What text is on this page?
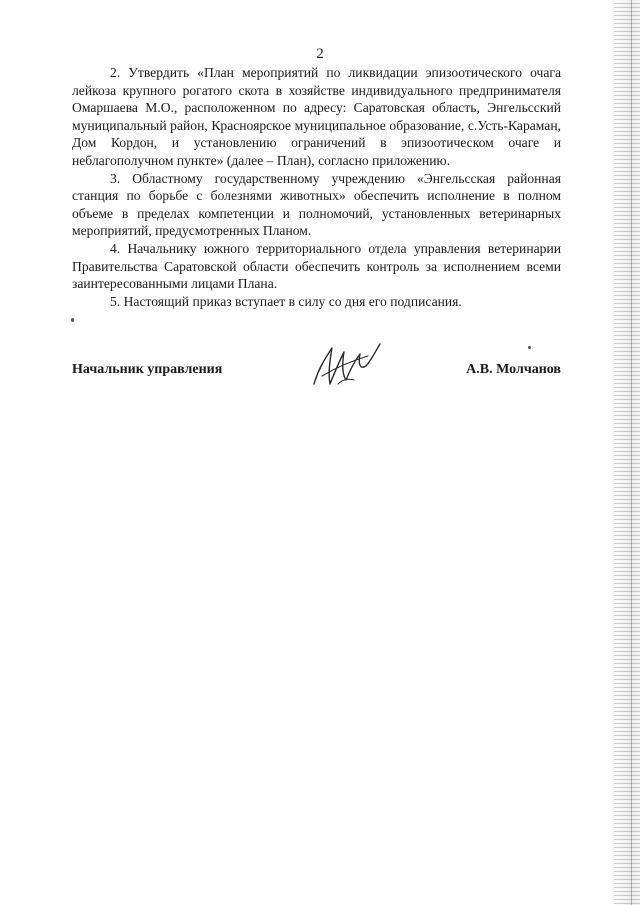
2

2. Утвердить «План мероприятий по ликвидации эпизоотического очага лейкоза крупного рогатого скота в хозяйстве индивидуального предпринимателя Омаршаева М.О., расположенном по адресу: Саратовская область, Энгельсский муниципальный район, Красноярское муниципальное образование, с.Усть-Караман, Дом Кордон, и установлению ограничений в эпизоотическом очаге и неблагополучном пункте» (далее – План), согласно приложению.

3. Областному государственному учреждению «Энгельсская районная станция по борьбе с болезнями животных» обеспечить исполнение в полном объеме в пределах компетенции и полномочий, установленных ветеринарных мероприятий, предусмотренных Планом.

4. Начальнику южного территориального отдела управления ветеринарии Правительства Саратовской области обеспечить контроль за исполнением всеми заинтересованными лицами Плана.

5. Настоящий приказ вступает в силу со дня его подписания.

Начальник управления	А.В. Молчанов
